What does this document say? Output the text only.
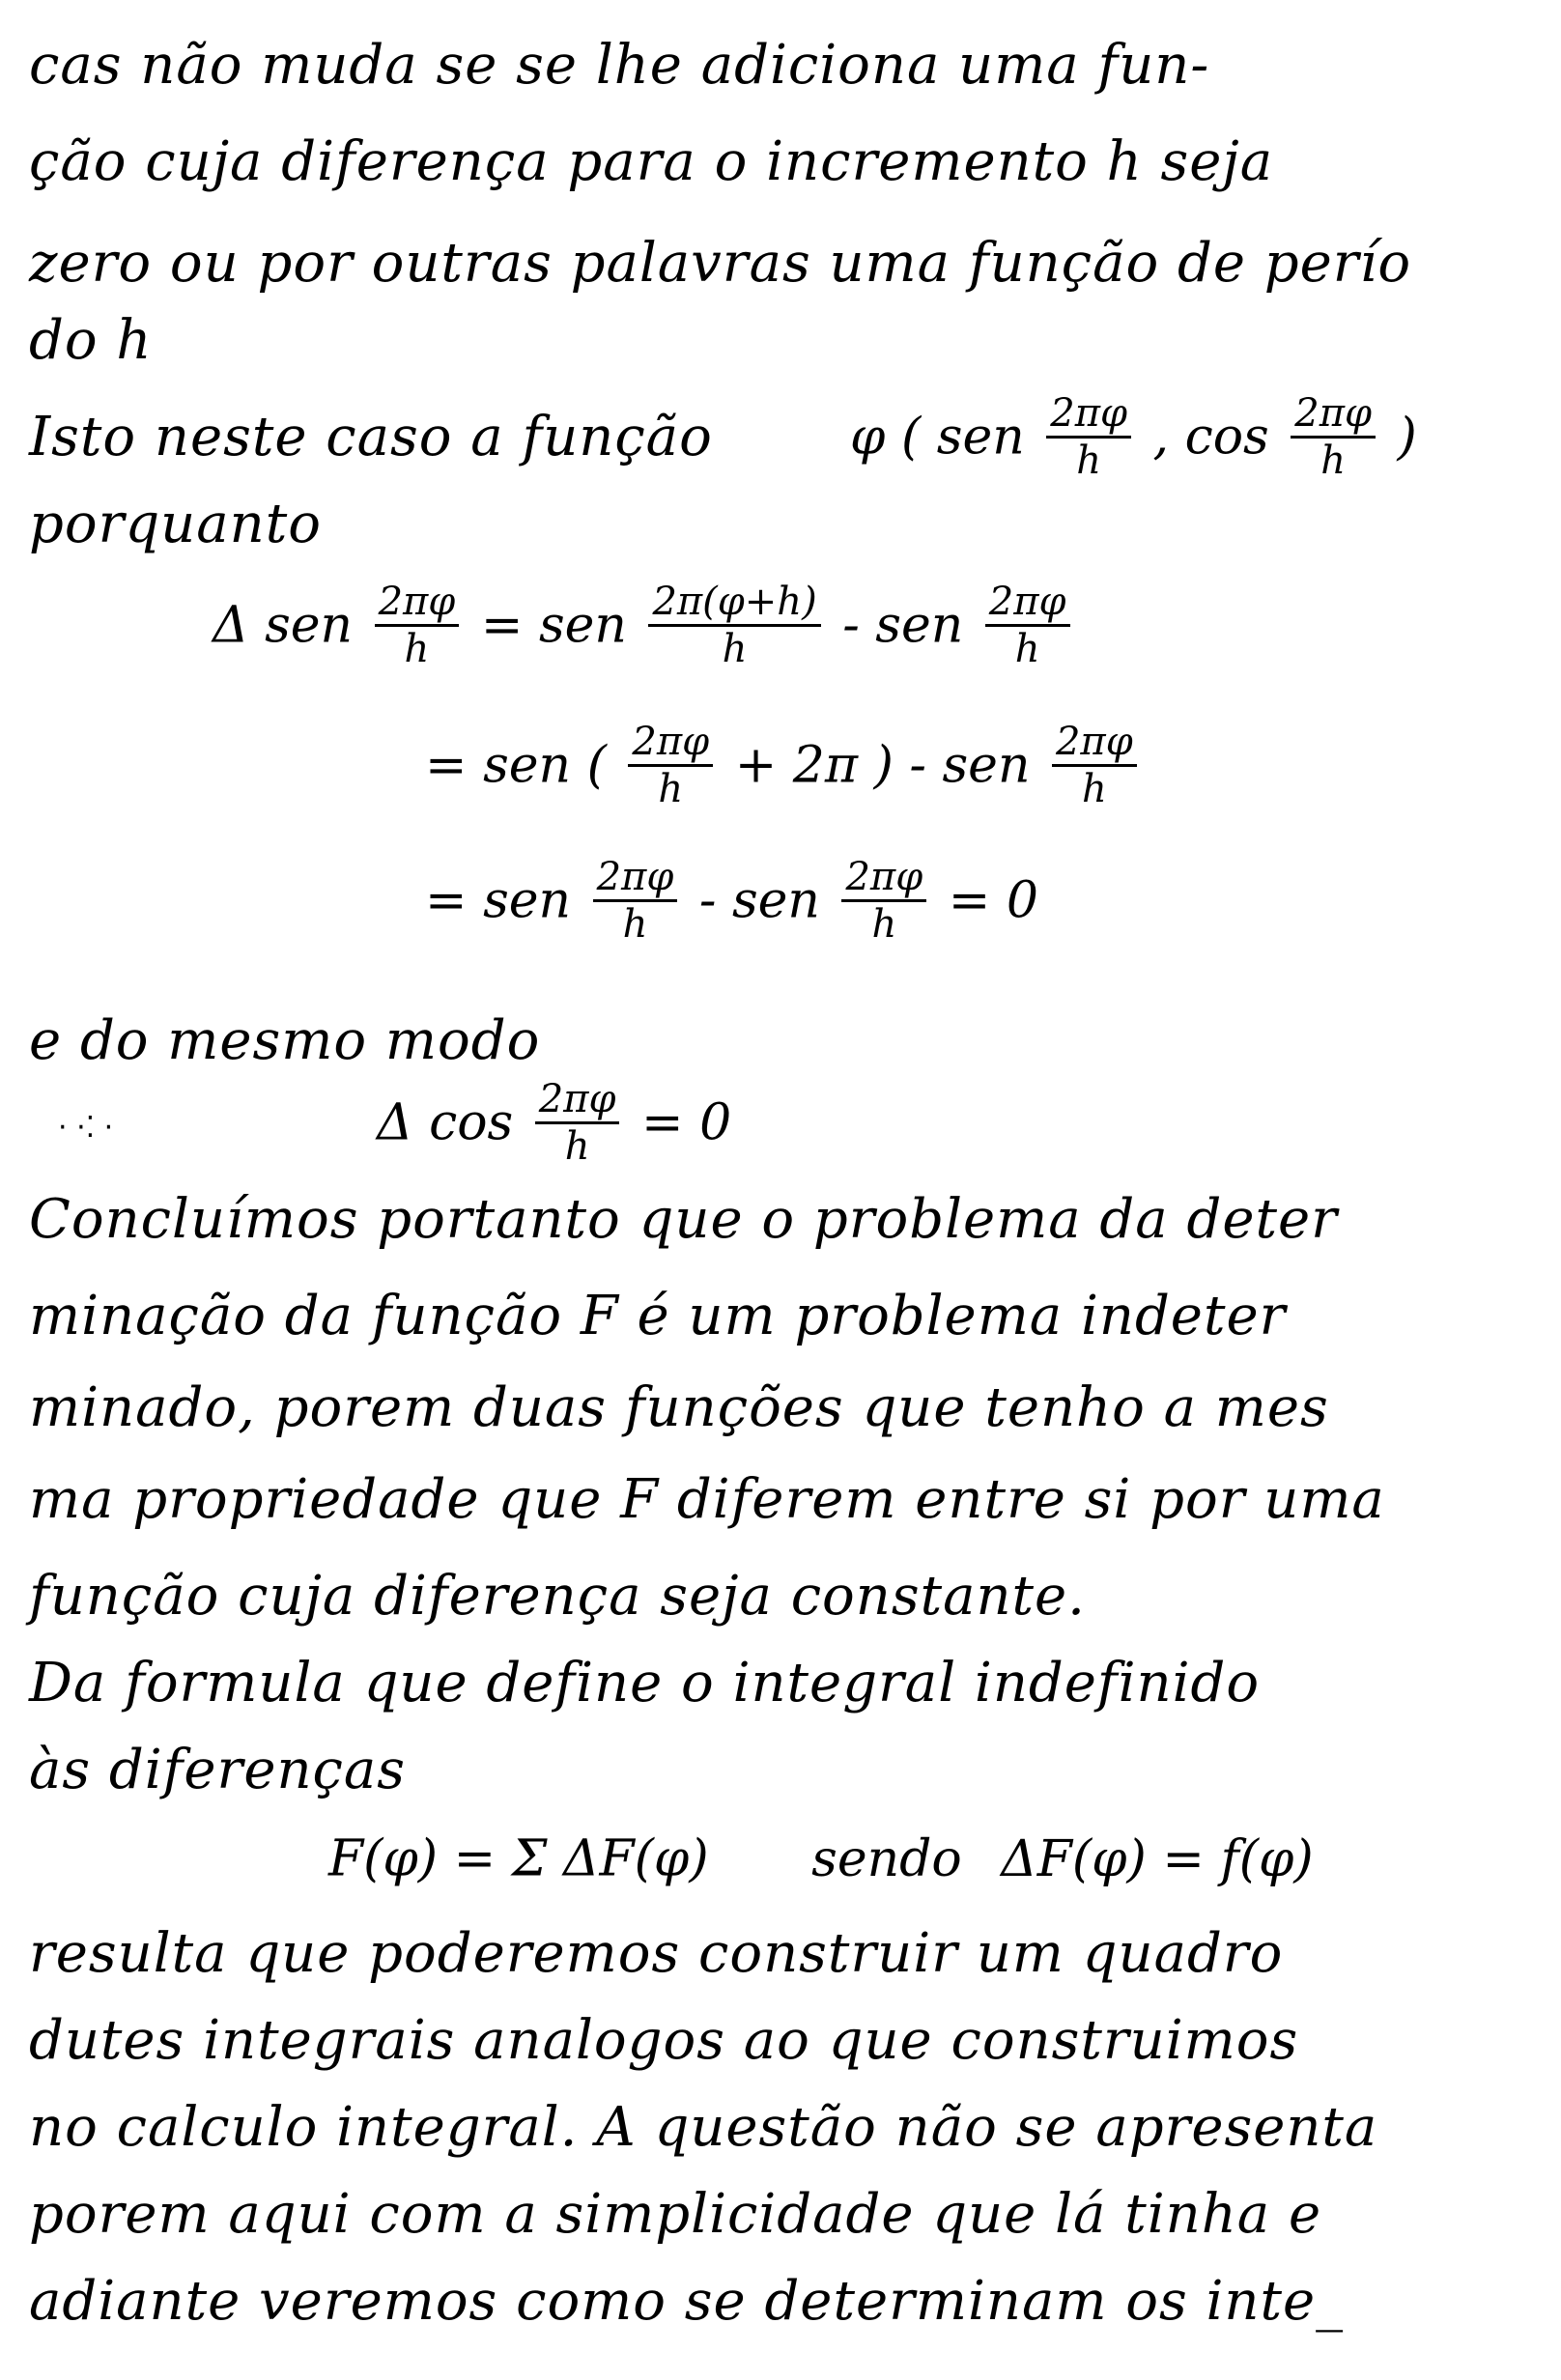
cas não muda se se lhe adiciona uma fun-
ção cuja diferença para o incremento h seja
zero ou por outras palavras uma função de perío
do h
Isto neste caso a função	φ ( sen $\frac{2\pi\varphi}{h}$ , $\cos \frac{2\pi\varphi}{h}$ )
porquanto
Δ sen $\frac{2\pi\varphi}{h}$ = sen $\frac{2\pi(\varphi+h)}{h}$ - sen $\frac{2\pi\varphi}{h}$
= sen ( $\frac{2\pi\varphi}{h} + 2\pi$ ) - sen $\frac{2\pi\varphi}{h}$
= sen $\frac{2\pi\varphi}{h}$ - sen $\frac{2\pi\varphi}{h} = 0$
e do mesmo modo
Δ $\cos \frac{2\pi\varphi}{h} = 0$
· ·⁚ ·
Concluímos portanto que o problema da deter
minação da função F é um problema indeter
minado, porem duas funções que tenho a mes
ma propriedade que F diferem entre si por uma
função cuja diferença seja constante.
Da formula que define o integral indefinido
às diferenças
F(φ) = Σ ΔF(φ) sendo ΔF(φ) = f(φ)
resulta que poderemos construir um quadro
dutes integrais analogos ao que construimos
no calculo integral. A questão não se apresenta
porem aqui com a simplicidade que lá tinha e
adiante veremos como se determinam os inte_
